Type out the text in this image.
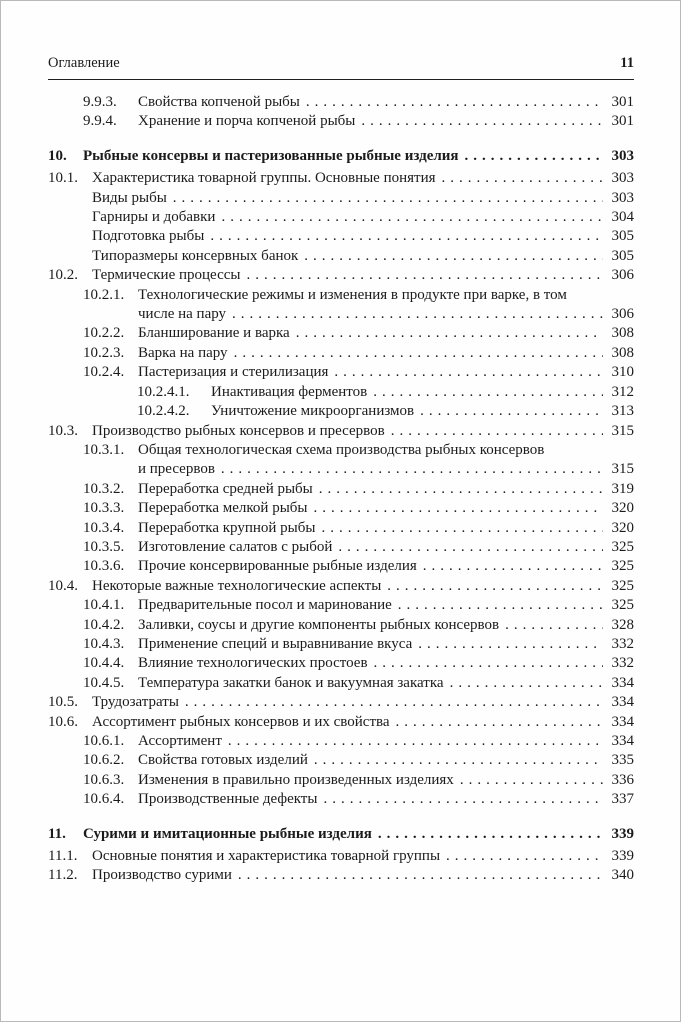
Оглавление	11
9.9.3.	Свойства копченой рыбы .....	301
9.9.4.	Хранение и порча копченой рыбы .....	301
10.	Рыбные консервы и пастеризованные рыбные изделия .....	303
10.1. Характеристика товарной группы. Основные понятия .....	303
Виды рыбы .....	303
Гарниры и добавки .....	304
Подготовка рыбы .....	305
Типоразмеры консервных банок .....	305
10.2. Термические процессы .....	306
10.2.1. Технологические режимы и изменения в продукте при варке, в том
числе на пару .....	306
10.2.2. Бланширование и варка .....	308
10.2.3. Варка на пару .....	308
10.2.4. Пастеризация и стерилизация .....	310
10.2.4.1.	Инактивация ферментов .....	312
10.2.4.2.	Уничтожение микроорганизмов .....	313
10.3. Производство рыбных консервов и пресервов .....	315
10.3.1. Общая технологическая схема производства рыбных консервов
и пресервов .....	315
10.3.2. Переработка средней рыбы .....	319
10.3.3. Переработка мелкой рыбы .....	320
10.3.4. Переработка крупной рыбы .....	320
10.3.5. Изготовление салатов с рыбой .....	325
10.3.6. Прочие консервированные рыбные изделия .....	325
10.4. Некоторые важные технологические аспекты .....	325
10.4.1. Предварительные посол и маринование .....	325
10.4.2. Заливки, соусы и другие компоненты рыбных консервов .....	328
10.4.3. Применение специй и выравнивание вкуса .....	332
10.4.4. Влияние технологических простоев .....	332
10.4.5. Температура закатки банок и вакуумная закатка .....	334
10.5. Трудозатраты .....	334
10.6. Ассортимент рыбных консервов и их свойства .....	334
10.6.1. Ассортимент .....	334
10.6.2. Свойства готовых изделий .....	335
10.6.3. Изменения в правильно произведенных изделиях .....	336
10.6.4. Производственные дефекты .....	337
11.	Сурими и имитационные рыбные изделия .....	339
11.1. Основные понятия и характеристика товарной группы .....	339
11.2. Производство сурими .....	340
